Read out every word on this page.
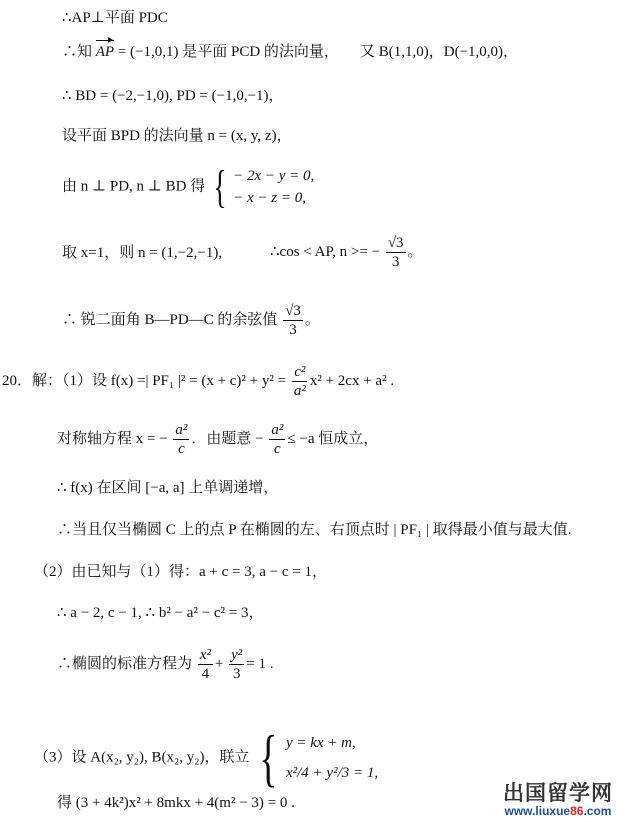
∴AP⊥平面 PDC
∴知 AP = (−1,0,1) 是平面 PCD 的法向量， 又 B(1,1,0)，D(−1,0,0)，
∴ BD = (−2,−1,0), PD = (−1,0,−1)，
设平面 BPD 的法向量 n = (x, y, z)，
由 n ⊥ PD, n ⊥ BD 得 { − 2x − y = 0,
− x − z = 0,
取 x=1，则 n = (1,−2,−1),	∴cos < AP, n >= − $\frac{√3}{3}$ 。
∴ 锐二面角 B—PD—C 的余弦值 $\frac{√3}{3}$ 。
20．解：（1）设 f(x) =| PF₁ $|^2 = (x + c)^2 + y^2 = \frac{\text{c²}}{\text{a²}} x^2 + 2cx + a^2$ .
对称轴方程 x = − $\frac{\text{a²}}{c}$ ．由题意 − $\frac{\text{a²}}{c} \le -a$ 恒成立，
∴ f(x) 在区间 [−a, a] 上单调递增，
∴当且仅当椭圆 C 上的点 P 在椭圆的左、右顶点时 | PF₁ | 取得最小值与最大值.
（2）由已知与（1）得：a + c = 3, a − c = 1，
∴ a − 2, c − 1, ∴ b² − a² − c² = 3，
∴椭圆的标准方程为 $\frac{\text{x²}}{4} + \frac{\text{y²}}{3} = 1$ .
（3）设 A(x₂, y₂), B(x₂, y₂)，联立 { y = kx + m,
x²/4 + y²/3 = 1,
得 (3 + 4k²)x² + 8mkx + 4(m² − 3) = 0 .	出国留学网
www.liuxue86.com
